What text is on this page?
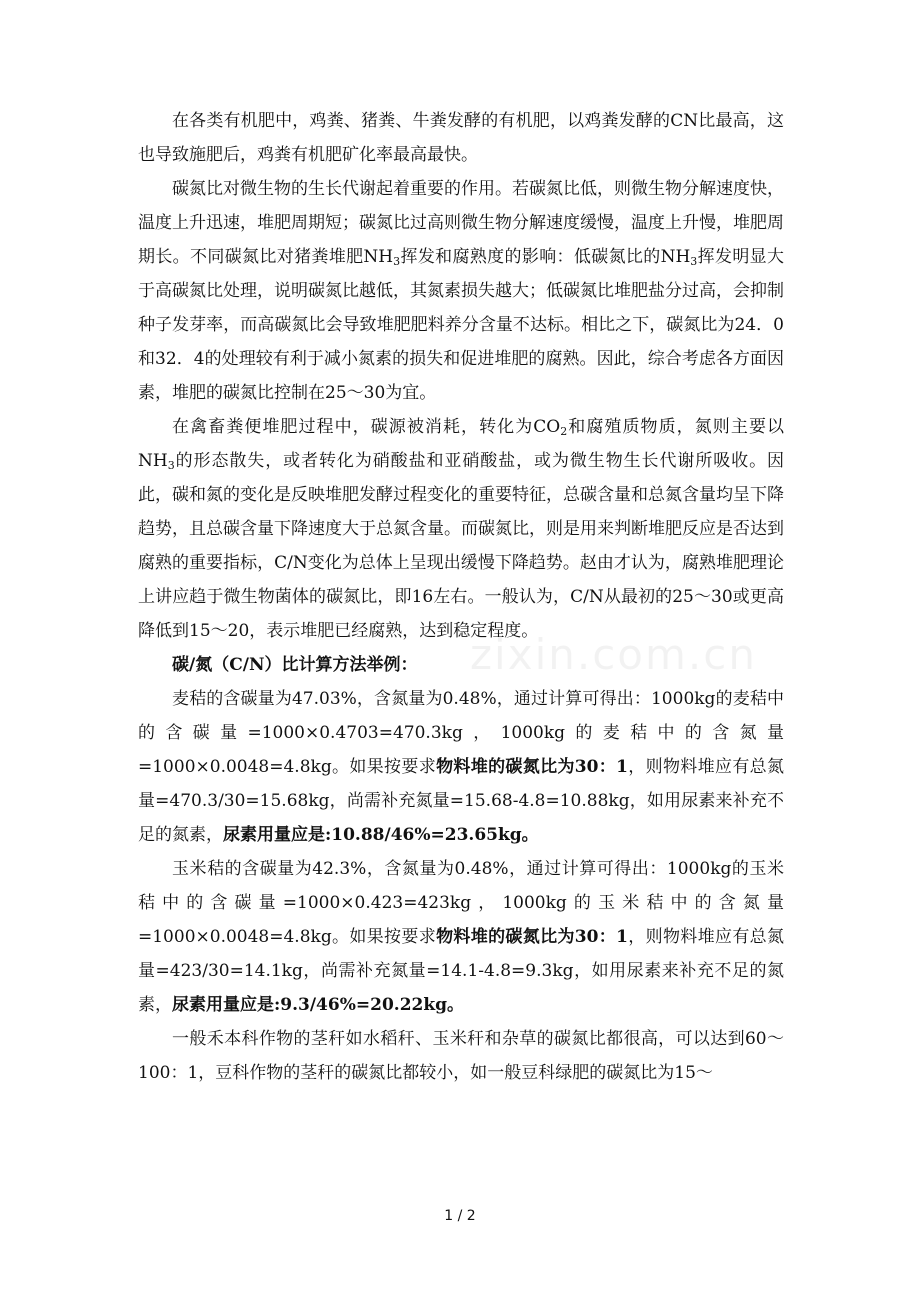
zixin.com.cn

在各类有机肥中，鸡粪、猪粪、牛粪发酵的有机肥，以鸡粪发酵的CN比最高，这也导致施肥后，鸡粪有机肥矿化率最高最快。

碳氮比对微生物的生长代谢起着重要的作用。若碳氮比低，则微生物分解速度快，温度上升迅速，堆肥周期短；碳氮比过高则微生物分解速度缓慢，温度上升慢，堆肥周期长。不同碳氮比对猪粪堆肥$NH_3$挥发和腐熟度的影响：低碳氮比的$NH_3$挥发明显大于高碳氮比处理，说明碳氮比越低，其氮素损失越大；低碳氮比堆肥盐分过高，会抑制种子发芽率，而高碳氮比会导致堆肥肥料养分含量不达标。相比之下，碳氮比为24．0和32．4的处理较有利于减小氮素的损失和促进堆肥的腐熟。因此，综合考虑各方面因素，堆肥的碳氮比控制在25～30为宜。

在禽畜粪便堆肥过程中，碳源被消耗，转化为$CO_2$和腐殖质物质，氮则主要以$NH_3$的形态散失，或者转化为硝酸盐和亚硝酸盐，或为微生物生长代谢所吸收。因此，碳和氮的变化是反映堆肥发酵过程变化的重要特征，总碳含量和总氮含量均呈下降趋势，且总碳含量下降速度大于总氮含量。而碳氮比，则是用来判断堆肥反应是否达到腐熟的重要指标，C/N变化为总体上呈现出缓慢下降趋势。赵由才认为，腐熟堆肥理论上讲应趋于微生物菌体的碳氮比，即16左右。一般认为，C/N从最初的25～30或更高降低到15～20，表示堆肥已经腐熟，达到稳定程度。

碳/氮（C/N）比计算方法举例：

麦秸的含碳量为47.03%，含氮量为0.48%，通过计算可得出：1000kg的麦秸中的含碳量=1000×0.4703=470.3kg，1000kg的麦秸中的含氮量=1000×0.0048=4.8kg。如果按要求物料堆的碳氮比为30：1，则物料堆应有总氮量=470.3/30=15.68kg，尚需补充氮量=15.68-4.8=10.88kg，如用尿素来补充不足的氮素，尿素用量应是:10.88/46%=23.65kg。

玉米秸的含碳量为42.3%，含氮量为0.48%，通过计算可得出：1000kg的玉米秸中的含碳量=1000×0.423=423kg，1000kg的玉米秸中的含氮量=1000×0.0048=4.8kg。如果按要求物料堆的碳氮比为30：1，则物料堆应有总氮量=423/30=14.1kg，尚需补充氮量=14.1-4.8=9.3kg，如用尿素来补充不足的氮素，尿素用量应是:9.3/46%=20.22kg。

一般禾本科作物的茎秆如水稻秆、玉米秆和杂草的碳氮比都很高，可以达到60～100：1，豆科作物的茎秆的碳氮比都较小，如一般豆科绿肥的碳氮比为15～

1 / 2
